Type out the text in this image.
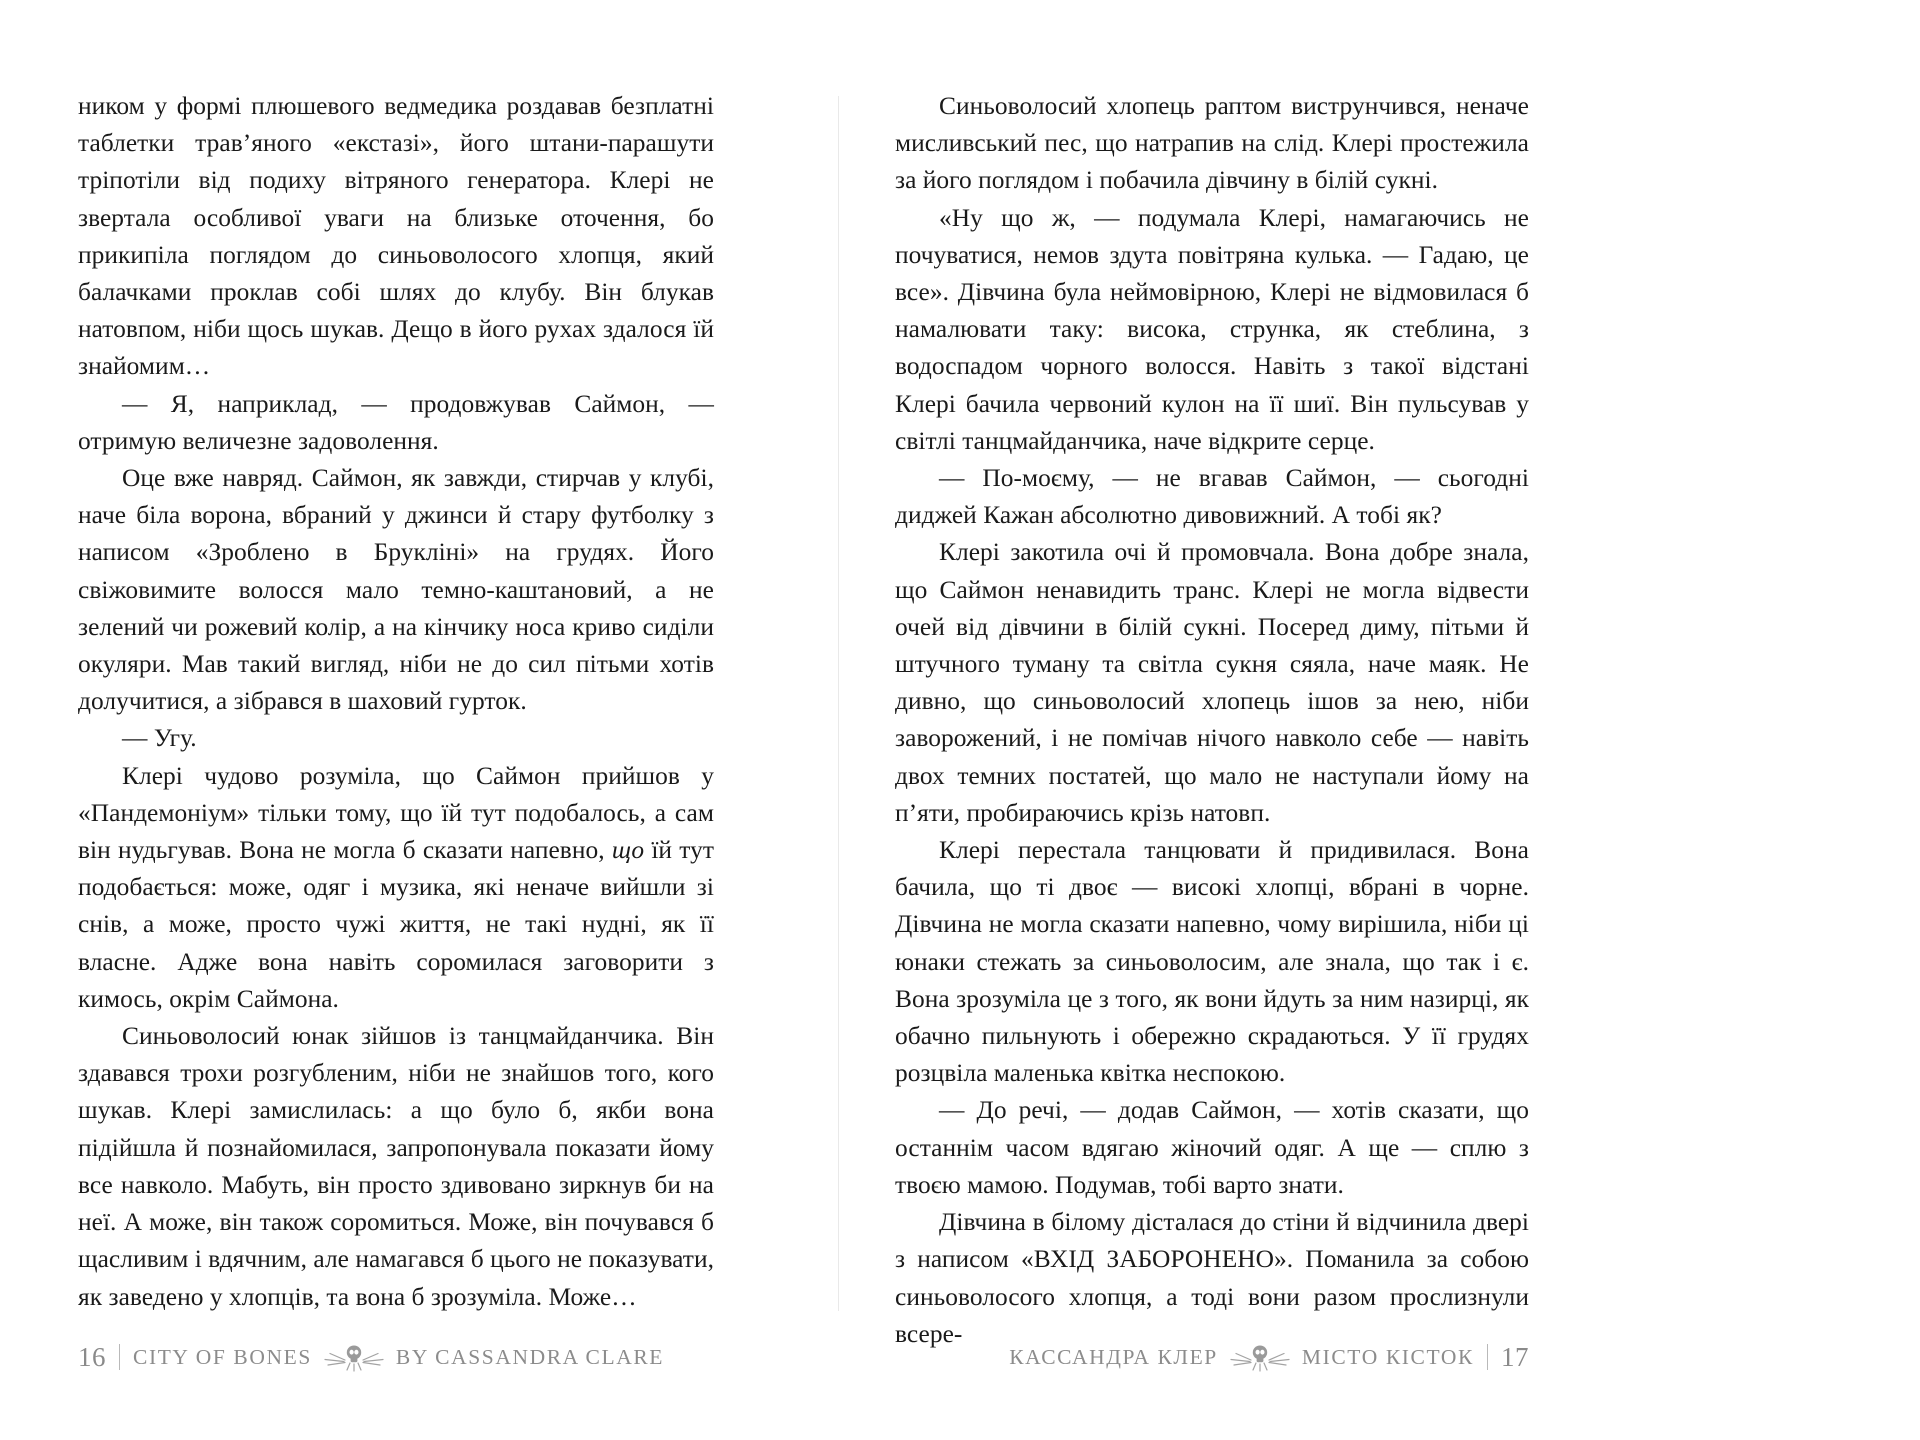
ником у формі плюшевого ведмедика роздавав безплатні таблетки трав’яного «екстазі», його штани-парашути тріпотіли від подиху вітряного генератора. Клері не звертала особливої уваги на близьке оточення, бо прикипіла поглядом до синьоволосого хлопця, який балачками проклав собі шлях до клубу. Він блукав натовпом, ніби щось шукав. Дещо в його рухах здалося їй знайомим…

— Я, наприклад, — продовжував Саймон, — отримую величезне задоволення.

Оце вже навряд. Саймон, як завжди, стирчав у клубі, наче біла ворона, вбраний у джинси й стару футболку з написом «Зроблено в Брукліні» на грудях. Його свіжовимите волосся мало темно-каштановий, а не зелений чи рожевий колір, а на кінчику носа криво сиділи окуляри. Мав такий вигляд, ніби не до сил пітьми хотів долучитися, а зібрався в шаховий гурток.

— Угу.

Клері чудово розуміла, що Саймон прийшов у «Пандемоніум» тільки тому, що їй тут подобалось, а сам він нудьгував. Вона не могла б сказати напевно, що їй тут подобається: може, одяг і музика, які неначе вийшли зі снів, а може, просто чужі життя, не такі нудні, як її власне. Адже вона навіть соромилася заговорити з кимось, окрім Саймона.

Синьоволосий юнак зійшов із танцмайданчика. Він здавався трохи розгубленим, ніби не знайшов того, кого шукав. Клері замислилась: а що було б, якби вона підійшла й познайомилася, запропонувала показати йому все навколо. Мабуть, він просто здивовано зиркнув би на неї. А може, він також соромиться. Може, він почувався б щасливим і вдячним, але намагався б цього не показувати, як заведено у хлопців, та вона б зрозуміла. Може…

Синьоволосий хлопець раптом виструнчився, неначе мисливський пес, що натрапив на слід. Клері простежила за його поглядом і побачила дівчину в білій сукні.

«Ну що ж, — подумала Клері, намагаючись не почуватися, немов здута повітряна кулька. — Гадаю, це все». Дівчина була неймовірною, Клері не відмовилася б намалювати таку: висока, струнка, як стеблина, з водоспадом чорного волосся. Навіть з такої відстані Клері бачила червоний кулон на її шиї. Він пульсував у світлі танцмайданчика, наче відкрите серце.

— По-моєму, — не вгавав Саймон, — сьогодні диджей Кажан абсолютно дивовижний. А тобі як?

Клері закотила очі й промовчала. Вона добре знала, що Саймон ненавидить транс. Клері не могла відвести очей від дівчини в білій сукні. Посеред диму, пітьми й штучного туману та світла сукня сяяла, наче маяк. Не дивно, що синьоволосий хлопець ішов за нею, ніби заворожений, і не помічав нічого навколо себе — навіть двох темних постатей, що мало не наступали йому на п’яти, пробираючись крізь натовп.

Клері перестала танцювати й придивилася. Вона бачила, що ті двоє — високі хлопці, вбрані в чорне. Дівчина не могла сказати напевно, чому вирішила, ніби ці юнаки стежать за синьоволосим, але знала, що так і є. Вона зрозуміла це з того, як вони йдуть за ним назирці, як обачно пильнують і обережно скрадаються. У її грудях розцвіла маленька квітка неспокою.

— До речі, — додав Саймон, — хотів сказати, що останнім часом вдягаю жіночий одяг. А ще — сплю з твоєю мамою. Подумав, тобі варто знати.

Дівчина в білому дісталася до стіни й відчинила двері з написом «ВХІД ЗАБОРОНЕНО». Поманила за собою синьоволосого хлопця, а тоді вони разом прослизнули всере-

16 CITY OF BONES	BY CASSANDRA CLARE	КАССАНДРА КЛЕР	МІСТО КІСТОК 17
